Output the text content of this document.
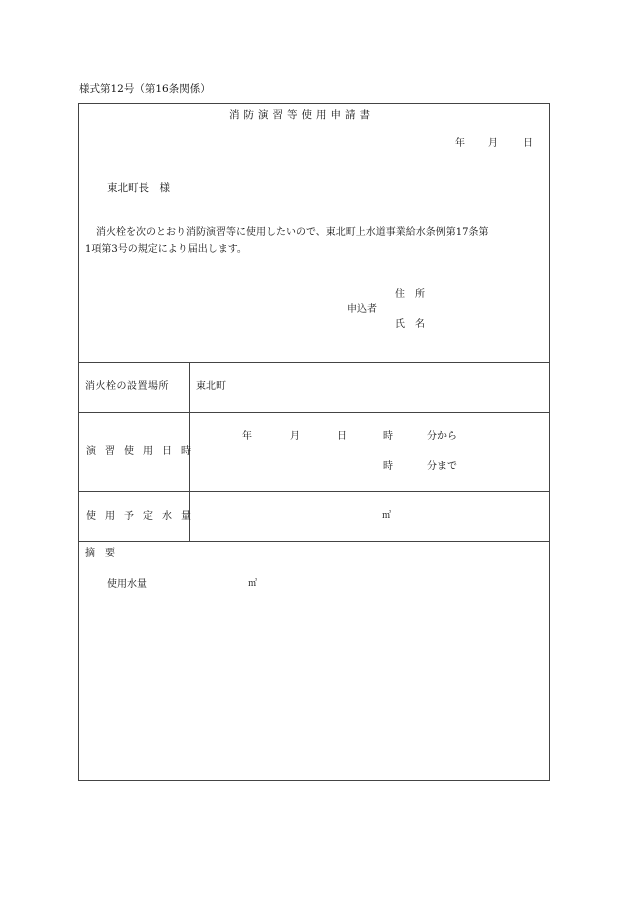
様式第12号（第16条関係）
消防演習等使用申請書
年 月	日
東北町長　様
消火栓を次のとおり消防演習等に使用したいので、東北町上水道事業給水条例第17条第
1項第3号の規定により届出します。
住　所
申込者
氏　名
消火栓の設置場所	東北町
演習使用日時
年	月	日	時	分から
時	分まで
使用予定水量	㎥
摘　要
使用水量	㎥
